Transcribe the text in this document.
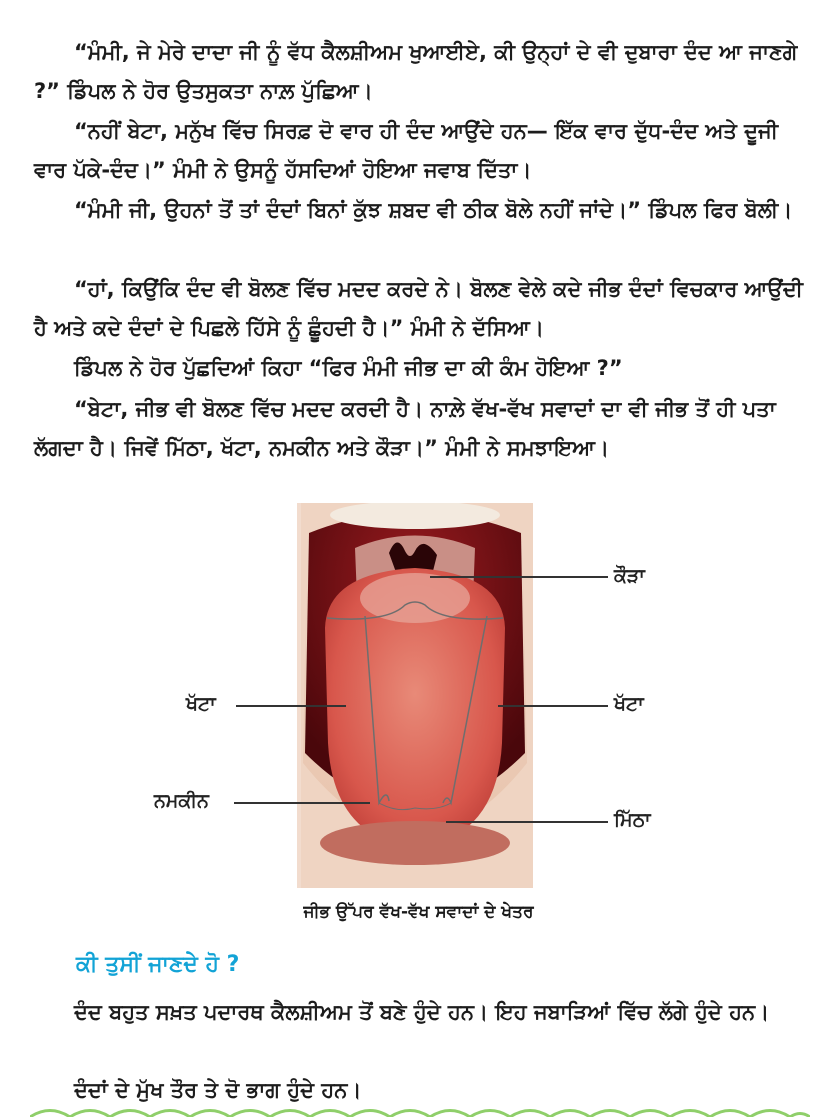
“ਮੰਮੀ, ਜੇ ਮੇਰੇ ਦਾਦਾ ਜੀ ਨੂੰ ਵੱਧ ਕੈਲਸ਼ੀਅਮ ਖੁਆਈਏ, ਕੀ ਉਨ੍ਹਾਂ ਦੇ ਵੀ ਦੁਬਾਰਾ ਦੰਦ ਆ ਜਾਣਗੇ ?” ਡਿੰਪਲ ਨੇ ਹੋਰ ਉਤਸੁਕਤਾ ਨਾਲ਼ ਪੁੱਛਿਆ।

“ਨਹੀਂ ਬੇਟਾ, ਮਨੁੱਖ ਵਿੱਚ ਸਿਰਫ਼ ਦੋ ਵਾਰ ਹੀ ਦੰਦ ਆਉਂਦੇ ਹਨ— ਇੱਕ ਵਾਰ ਦੁੱਧ-ਦੰਦ ਅਤੇ ਦੂਜੀ ਵਾਰ ਪੱਕੇ-ਦੰਦ।” ਮੰਮੀ ਨੇ ਉਸਨੂੰ ਹੱਸਦਿਆਂ ਹੋਇਆ ਜਵਾਬ ਦਿੱਤਾ।

“ਮੰਮੀ ਜੀ, ਉਹਨਾਂ ਤੋਂ ਤਾਂ ਦੰਦਾਂ ਬਿਨਾਂ ਕੁੱਝ ਸ਼ਬਦ ਵੀ ਠੀਕ ਬੋਲੇ ਨਹੀਂ ਜਾਂਦੇ।” ਡਿੰਪਲ ਫਿਰ ਬੋਲੀ।

“ਹਾਂ, ਕਿਉਂਕਿ ਦੰਦ ਵੀ ਬੋਲਣ ਵਿੱਚ ਮਦਦ ਕਰਦੇ ਨੇ। ਬੋਲਣ ਵੇਲੇ ਕਦੇ ਜੀਭ ਦੰਦਾਂ ਵਿਚਕਾਰ ਆਉਂਦੀ ਹੈ ਅਤੇ ਕਦੇ ਦੰਦਾਂ ਦੇ ਪਿਛਲੇ ਹਿੱਸੇ ਨੂੰ ਛੂੰਹਦੀ ਹੈ।” ਮੰਮੀ ਨੇ ਦੱਸਿਆ।

ਡਿੰਪਲ ਨੇ ਹੋਰ ਪੁੱਛਦਿਆਂ ਕਿਹਾ “ਫਿਰ ਮੰਮੀ ਜੀਭ ਦਾ ਕੀ ਕੰਮ ਹੋਇਆ ?”

“ਬੇਟਾ, ਜੀਭ ਵੀ ਬੋਲਣ ਵਿੱਚ ਮਦਦ ਕਰਦੀ ਹੈ। ਨਾਲ਼ੇ ਵੱਖ-ਵੱਖ ਸਵਾਦਾਂ ਦਾ ਵੀ ਜੀਭ ਤੋਂ ਹੀ ਪਤਾ ਲੱਗਦਾ ਹੈ। ਜਿਵੇਂ ਮਿੱਠਾ, ਖੱਟਾ, ਨਮਕੀਨ ਅਤੇ ਕੌੜਾ।” ਮੰਮੀ ਨੇ ਸਮਝਾਇਆ।

ਕੌੜਾ
ਖੱਟਾ	ਖੱਟਾ
ਨਮਕੀਨ
ਮਿੱਠਾ
ਜੀਭ ਉੱਪਰ ਵੱਖ-ਵੱਖ ਸਵਾਦਾਂ ਦੇ ਖੇਤਰ
ਕੀ ਤੁਸੀਂ ਜਾਣਦੇ ਹੋ ?

ਦੰਦ ਬਹੁਤ ਸਖ਼ਤ ਪਦਾਰਥ ਕੈਲਸ਼ੀਅਮ ਤੋਂ ਬਣੇ ਹੁੰਦੇ ਹਨ। ਇਹ ਜਬਾੜਿਆਂ ਵਿੱਚ ਲੱਗੇ ਹੁੰਦੇ ਹਨ।

ਦੰਦਾਂ ਦੇ ਮੁੱਖ ਤੌਰ ਤੇ ਦੋ ਭਾਗ ਹੁੰਦੇ ਹਨ।
